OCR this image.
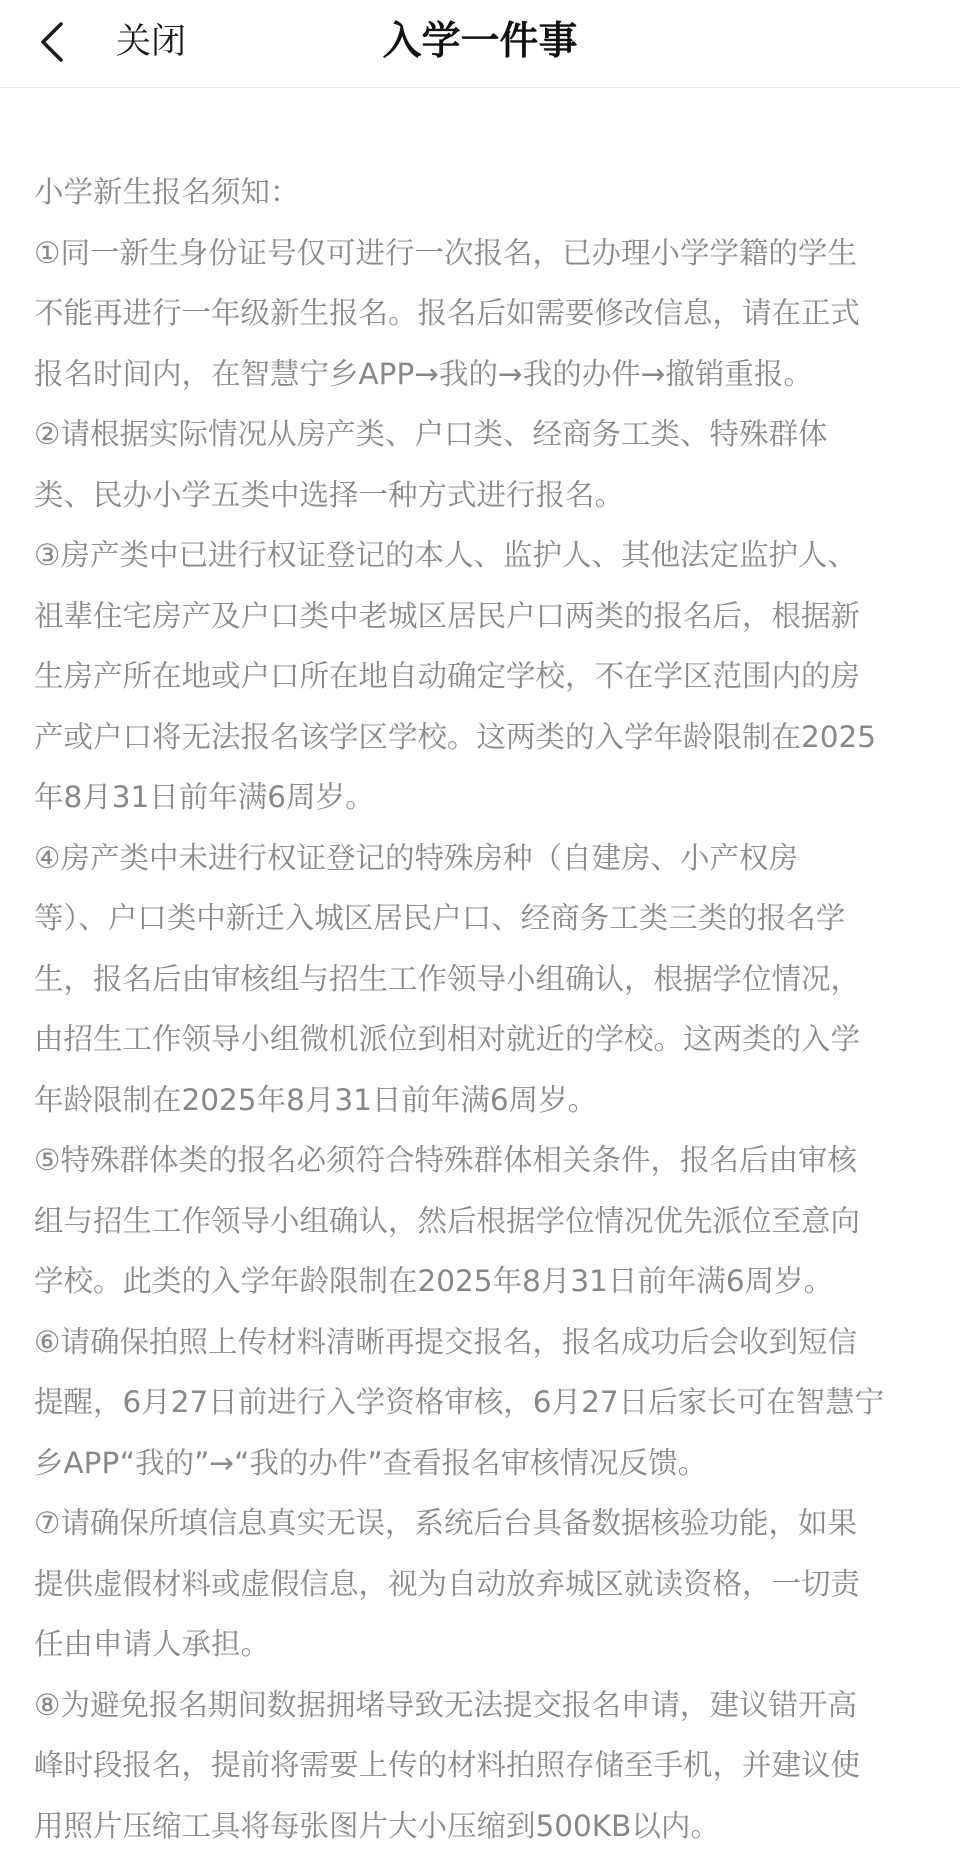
关闭	入学一件事

小学新生报名须知：

①同一新生身份证号仅可进行一次报名，已办理小学学籍的学生

不能再进行一年级新生报名。报名后如需要修改信息，请在正式

报名时间内，在智慧宁乡APP→我的→我的办件→撤销重报。

②请根据实际情况从房产类、户口类、经商务工类、特殊群体

类、民办小学五类中选择一种方式进行报名。

③房产类中已进行权证登记的本人、监护人、其他法定监护人、

祖辈住宅房产及户口类中老城区居民户口两类的报名后，根据新

生房产所在地或户口所在地自动确定学校，不在学区范围内的房

产或户口将无法报名该学区学校。这两类的入学年龄限制在2025

年8月31日前年满6周岁。

④房产类中未进行权证登记的特殊房种（自建房、小产权房

等）、户口类中新迁入城区居民户口、经商务工类三类的报名学

生，报名后由审核组与招生工作领导小组确认，根据学位情况，

由招生工作领导小组微机派位到相对就近的学校。这两类的入学

年龄限制在2025年8月31日前年满6周岁。

⑤特殊群体类的报名必须符合特殊群体相关条件，报名后由审核

组与招生工作领导小组确认，然后根据学位情况优先派位至意向

学校。此类的入学年龄限制在2025年8月31日前年满6周岁。

⑥请确保拍照上传材料清晰再提交报名，报名成功后会收到短信

提醒，6月27日前进行入学资格审核，6月27日后家长可在智慧宁

乡APP“我的”→“我的办件”查看报名审核情况反馈。

⑦请确保所填信息真实无误，系统后台具备数据核验功能，如果

提供虚假材料或虚假信息，视为自动放弃城区就读资格，一切责

任由申请人承担。

⑧为避免报名期间数据拥堵导致无法提交报名申请，建议错开高

峰时段报名，提前将需要上传的材料拍照存储至手机，并建议使

用照片压缩工具将每张图片大小压缩到500KB以内。
